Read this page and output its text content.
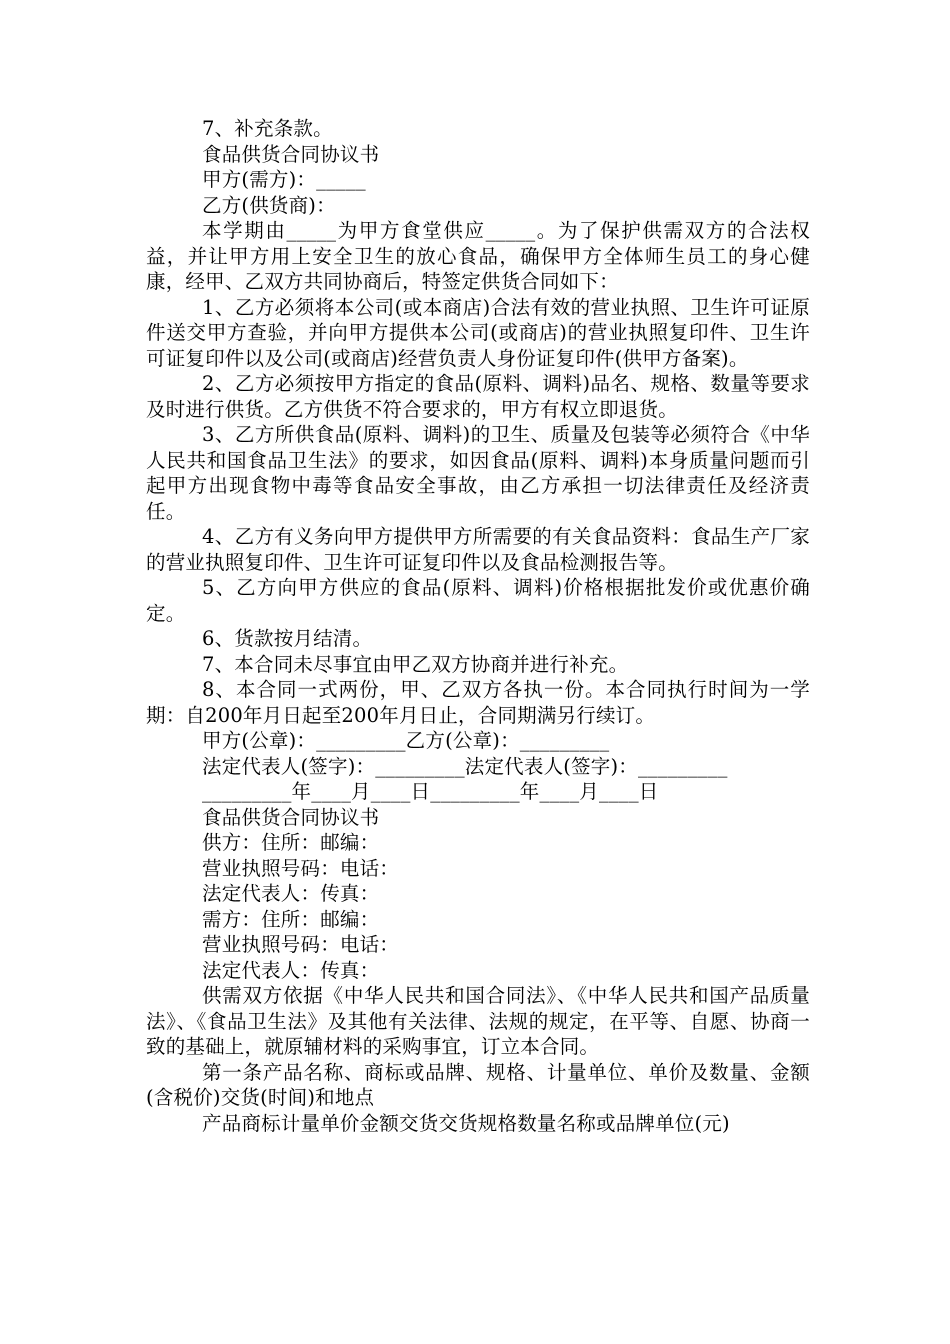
7、补充条款。

食品供货合同协议书

甲方(需方)：_____

乙方(供货商)：

本学期由_____为甲方食堂供应_____。为了保护供需双方的合法权益，并让甲方用上安全卫生的放心食品，确保甲方全体师生员工的身心健康，经甲、乙双方共同协商后，特签定供货合同如下：

1、乙方必须将本公司(或本商店)合法有效的营业执照、卫生许可证原件送交甲方查验，并向甲方提供本公司(或商店)的营业执照复印件、卫生许可证复印件以及公司(或商店)经营负责人身份证复印件(供甲方备案)。

2、乙方必须按甲方指定的食品(原料、调料)品名、规格、数量等要求及时进行供货。乙方供货不符合要求的，甲方有权立即退货。

3、乙方所供食品(原料、调料)的卫生、质量及包装等必须符合《中华人民共和国食品卫生法》的要求，如因食品(原料、调料)本身质量问题而引起甲方出现食物中毒等食品安全事故，由乙方承担一切法律责任及经济责任。

4、乙方有义务向甲方提供甲方所需要的有关食品资料：食品生产厂家的营业执照复印件、卫生许可证复印件以及食品检测报告等。

5、乙方向甲方供应的食品(原料、调料)价格根据批发价或优惠价确定。

6、货款按月结清。

7、本合同未尽事宜由甲乙双方协商并进行补充。

8、本合同一式两份，甲、乙双方各执一份。本合同执行时间为一学期：自200年月日起至200年月日止，合同期满另行续订。

甲方(公章)：_________乙方(公章)：_________

法定代表人(签字)：_________法定代表人(签字)：_________

_________年____月____日_________年____月____日

食品供货合同协议书

供方：住所：邮编：

营业执照号码：电话：

法定代表人：传真：

需方：住所：邮编：

营业执照号码：电话：

法定代表人：传真：

供需双方依据《中华人民共和国合同法》、《中华人民共和国产品质量法》、《食品卫生法》及其他有关法律、法规的规定，在平等、自愿、协商一致的基础上，就原辅材料的采购事宜，订立本合同。

第一条产品名称、商标或品牌、规格、计量单位、单价及数量、金额(含税价)交货(时间)和地点

产品商标计量单价金额交货交货规格数量名称或品牌单位(元)
